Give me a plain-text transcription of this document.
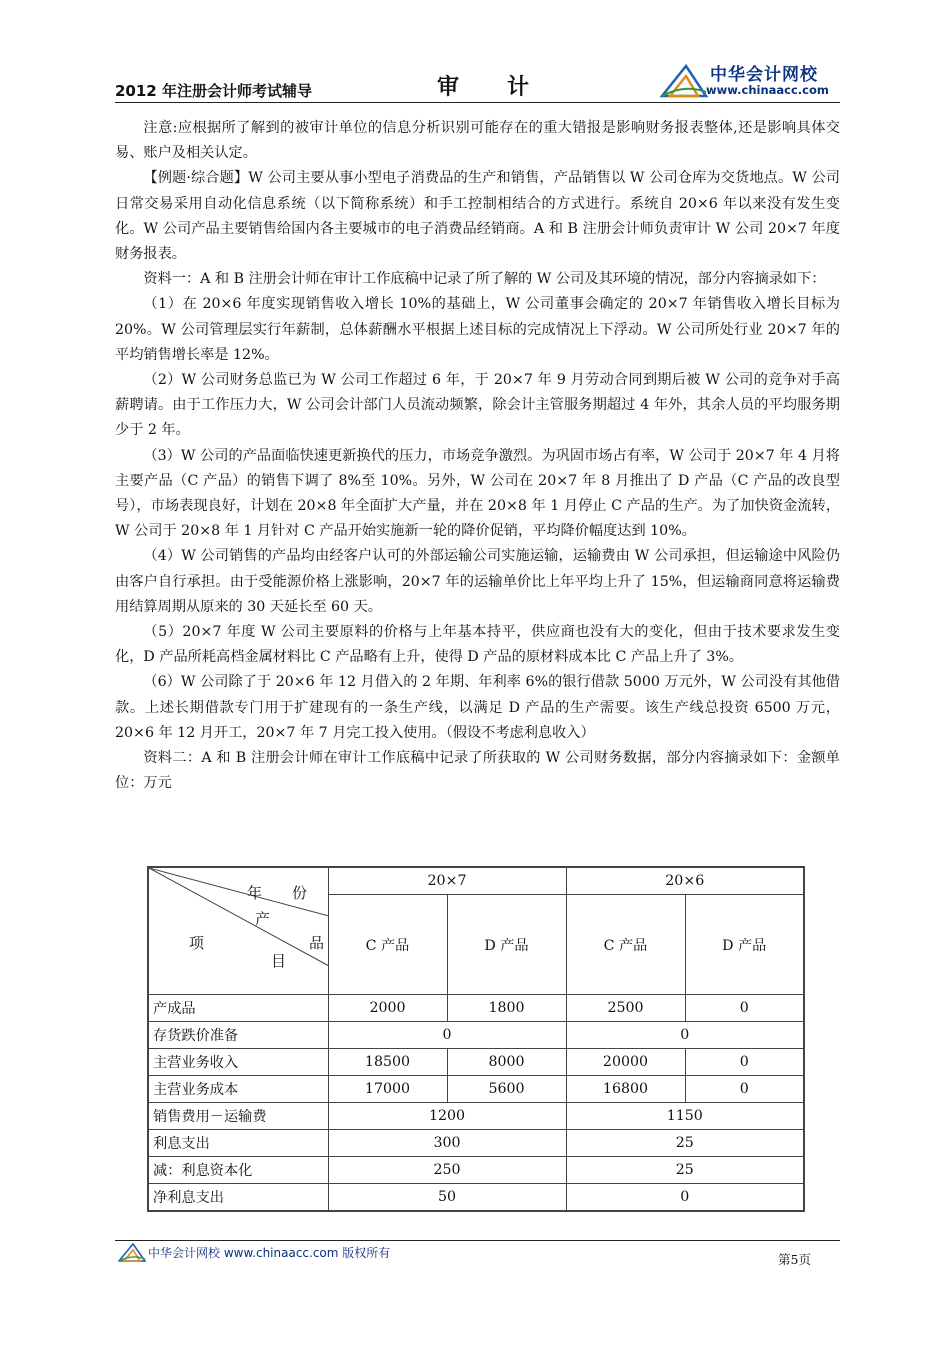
2012 年注册会计师考试辅导	审 计	中华会计网校
www.chinaacc.com

注意:应根据所了解到的被审计单位的信息分析识别可能存在的重大错报是影响财务报表整体,还是影响具体交易、账户及相关认定。

【例题·综合题】W 公司主要从事小型电子消费品的生产和销售，产品销售以 W 公司仓库为交货地点。W 公司日常交易采用自动化信息系统（以下简称系统）和手工控制相结合的方式进行。系统自 20×6 年以来没有发生变化。W 公司产品主要销售给国内各主要城市的电子消费品经销商。A 和 B 注册会计师负责审计 W 公司 20×7 年度财务报表。

资料一：A 和 B 注册会计师在审计工作底稿中记录了所了解的 W 公司及其环境的情况，部分内容摘录如下：

（1）在 20×6 年度实现销售收入增长 10%的基础上，W 公司董事会确定的 20×7 年销售收入增长目标为 20%。W 公司管理层实行年薪制，总体薪酬水平根据上述目标的完成情况上下浮动。W 公司所处行业 20×7 年的平均销售增长率是 12%。

（2）W 公司财务总监已为 W 公司工作超过 6 年，于 20×7 年 9 月劳动合同到期后被 W 公司的竞争对手高薪聘请。由于工作压力大，W 公司会计部门人员流动频繁，除会计主管服务期超过 4 年外，其余人员的平均服务期少于 2 年。

（3）W 公司的产品面临快速更新换代的压力，市场竞争激烈。为巩固市场占有率，W 公司于 20×7 年 4 月将主要产品（C 产品）的销售下调了 8%至 10%。另外，W 公司在 20×7 年 8 月推出了 D 产品（C 产品的改良型号），市场表现良好，计划在 20×8 年全面扩大产量，并在 20×8 年 1 月停止 C 产品的生产。为了加快资金流转，W 公司于 20×8 年 1 月针对 C 产品开始实施新一轮的降价促销，平均降价幅度达到 10%。

（4）W 公司销售的产品均由经客户认可的外部运输公司实施运输，运输费由 W 公司承担，但运输途中风险仍由客户自行承担。由于受能源价格上涨影响，20×7 年的运输单价比上年平均上升了 15%，但运输商同意将运输费用结算周期从原来的 30 天延长至 60 天。

（5）20×7 年度 W 公司主要原料的价格与上年基本持平，供应商也没有大的变化，但由于技术要求发生变化，D 产品所耗高档金属材料比 C 产品略有上升，使得 D 产品的原材料成本比 C 产品上升了 3%。

（6）W 公司除了于 20×6 年 12 月借入的 2 年期、年利率 6%的银行借款 5000 万元外，W 公司没有其他借款。上述长期借款专门用于扩建现有的一条生产线，以满足 D 产品的生产需要。该生产线总投资 6500 万元，20×6 年 12 月开工，20×7 年 7 月完工投入使用。（假设不考虑利息收入）

资料二：A 和 B 注册会计师在审计工作底稿中记录了所获取的 W 公司财务数据，部分内容摘录如下：金额单位：万元

年　　份
产
项 品
目	20×7		20×6	
	C 产品	D 产品	C 产品	D 产品
产成品	2000	1800	2500	0
存货跌价准备	0		0	
主营业务收入	18500	8000	20000	0
主营业务成本	17000	5600	16800	0
销售费用－运输费	1200		1150	
利息支出	300		25	
减：利息资本化	250		25	
净利息支出	50		0	
中华会计网校 www.chinaacc.com 版权所有	第5页
